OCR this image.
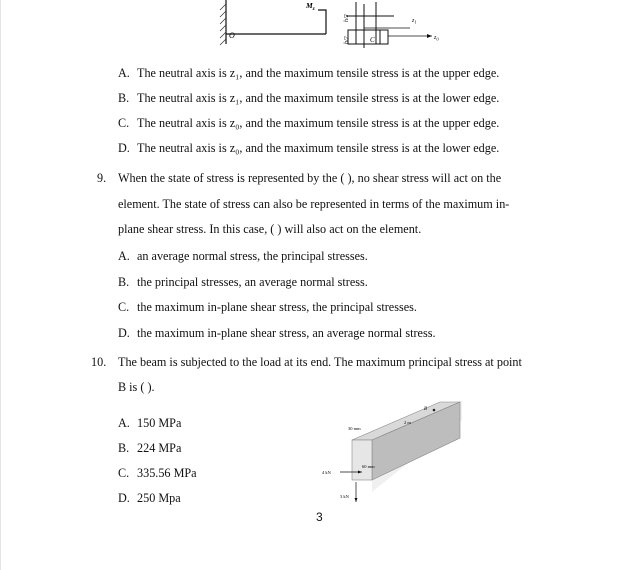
O
$M_z$
h/2
h/2	C
$z_1$
$z_0$
A. The neutral axis is z₁, and the maximum tensile stress is at the upper edge.
B. The neutral axis is z₁, and the maximum tensile stress is at the lower edge.
C. The neutral axis is z₀, and the maximum tensile stress is at the upper edge.
D. The neutral axis is z₀, and the maximum tensile stress is at the lower edge.
9. When the state of stress is represented by the ( ), no shear stress will act on the
element. The state of stress can also be represented in terms of the maximum in-
plane shear stress. In this case, ( ) will also act on the element.
A. an average normal stress, the principal stresses.
B. the principal stresses, an average normal stress.
C. the maximum in-plane shear stress, the principal stresses.
D. the maximum in-plane shear stress, an average normal stress.
10. The beam is subjected to the load at its end. The maximum principal stress at point
B is ( ).
A. 150 MPa
B. 224 MPa
C. 335.56 MPa
D. 250 Mpa
B
30 mm
2 m
60 mm
4 kN
3 kN
3
